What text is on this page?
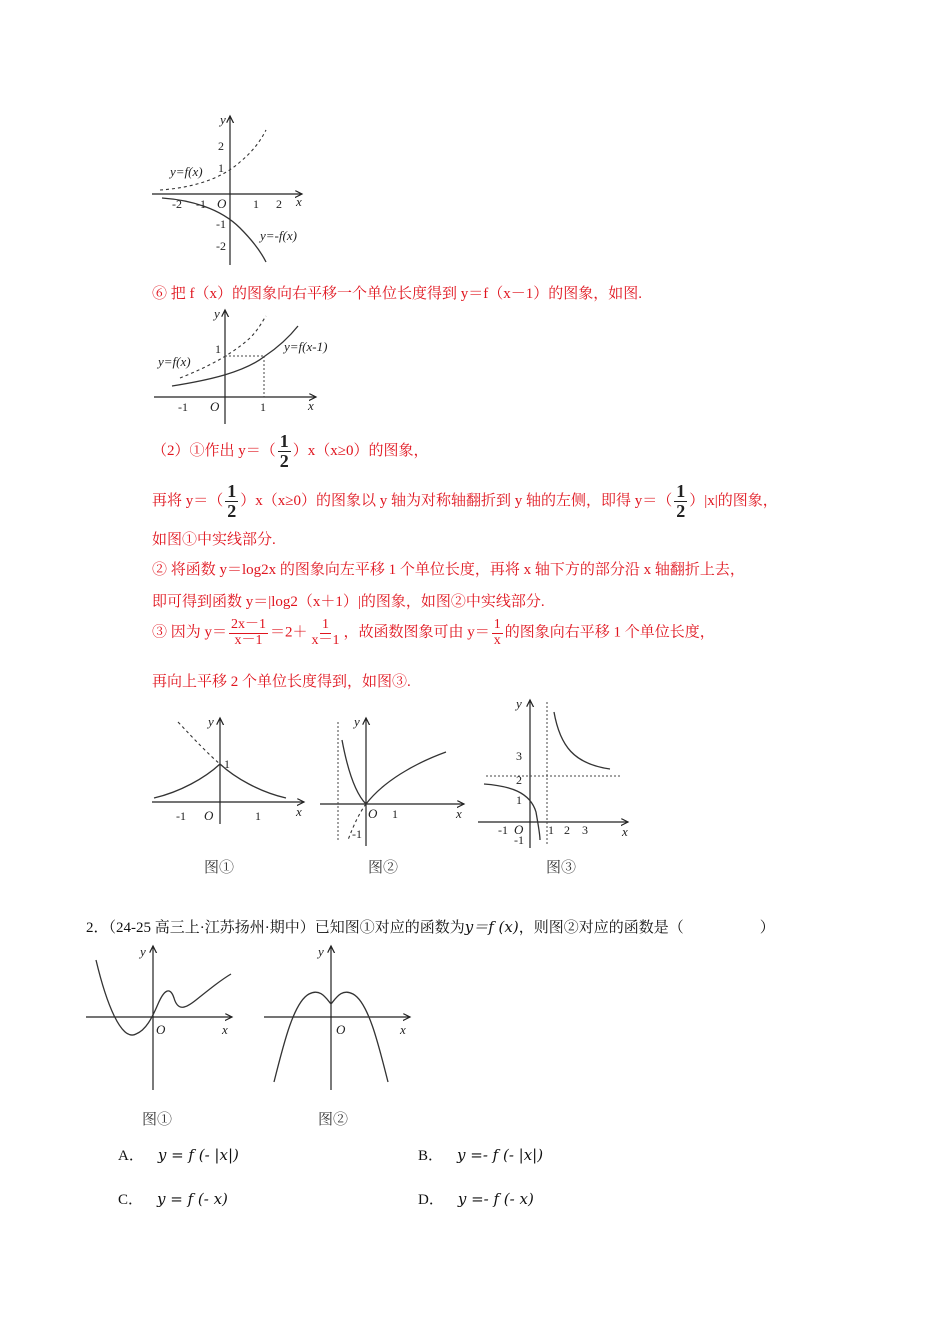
y
x
O
2
1
-1
-2
-2 -1	1 2
y=f(x)
y=-f(x)
⑥ 把 f（x）的图象向右平移一个单位长度得到 y＝f（x－1）的图象，如图.
y
x
O
-1	1
1
y=f(x)
y=f(x-1)
（2）①作出 $y=( \frac{1}{2} )x(x\ge 0)$的图象，
再将 $y=( \frac{1}{2} )x(x\ge 0)$的图象以 y 轴为对称轴翻折到 y 轴的左侧，即得 $y=( \frac{1}{2} )|x|$的图象，
如图①中实线部分.
② 将函数 y＝log2x 的图象向左平移 1 个单位长度，再将 x 轴下方的部分沿 x 轴翻折上去，
即可得到函数 y＝|log2（x＋1）|的图象，如图②中实线部分.
③ 因为 $y= \frac{2x-1}{x-1} =2+ \frac{1}{x-1}$ ，故函数图象可由 $y= \frac{1}{x}$ 的图象向右平移 1 个单位长度，
再向上平移 2 个单位长度得到，如图③.
y
x
O
1
-1	1
图①
y
x
O 1
-1
图②
y
x
O
3
2
1
-1
-1	1 2 3
图③
2．（24-25 高三上·江苏扬州·期中）已知图①对应的函数为y＝f (x)，则图②对应的函数是（	）
y
x
O
图①
y
x
O
图②
A． y = f (- |x|)	B． y =- f (- |x|)
C． y = f (- x)	D． y =- f (- x)
